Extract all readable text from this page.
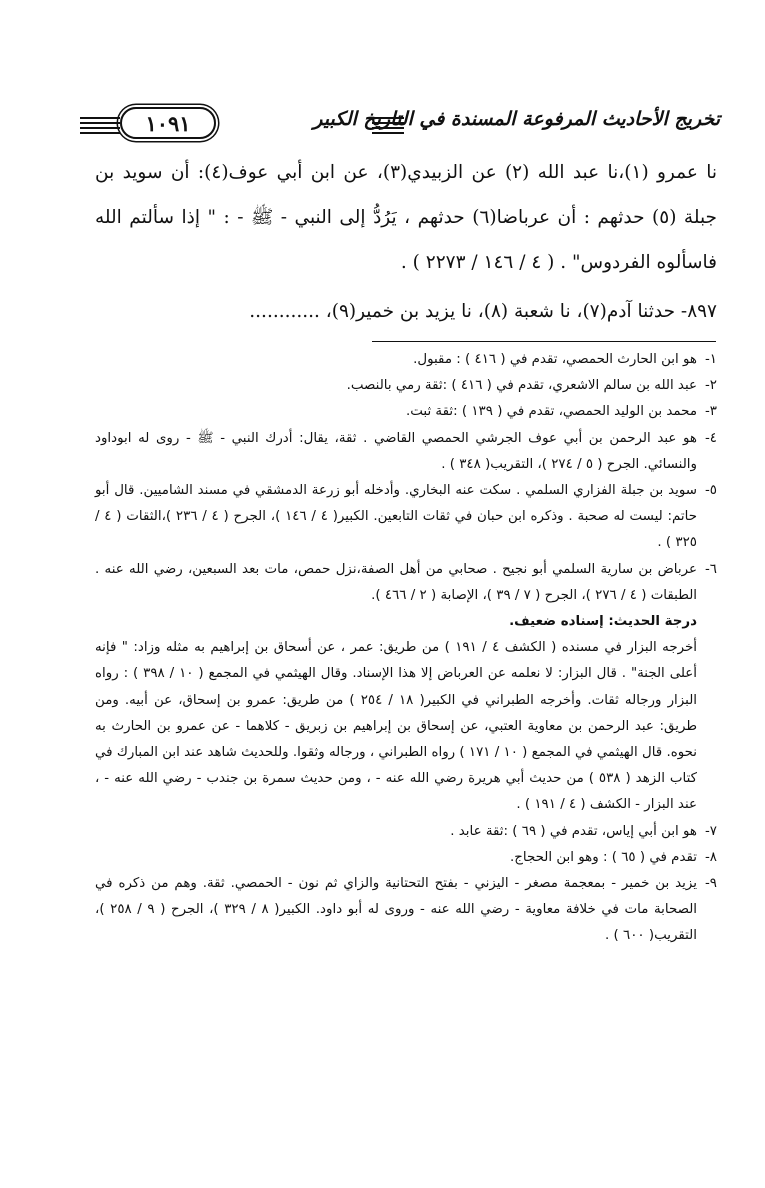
تخريج الأحاديث المرفوعة المسندة في التاريخ الكبير
١٠٩١

نا عمرو (١)،نا عبد الله (٢) عن الزبيدي(٣)، عن ابن أبي عوف(٤): أن سويد بن جبلة (٥) حدثهم : أن عرباضا(٦) حدثهم ، يَرُدُّ إلى النبي - ﷺ - : " إذا سألتم الله فاسألوه الفردوس" . ( ٤ / ١٤٦ / ٢٢٧٣ ) .

٨٩٧- حدثنا آدم(٧)، نا شعبة (٨)، نا يزيد بن خمير(٩)، ............

١-
هو ابن الحارث الحمصي، تقدم في ( ٤١٦ ) : مقبول.
٢-
عبد الله بن سالم الاشعري، تقدم في ( ٤١٦ ) :ثقة رمي بالنصب.
٣-
محمد بن الوليد الحمصي، تقدم في ( ١٣٩ ) :ثقة ثبت.
٤-
هو عبد الرحمن بن أبي عوف الجرشي الحمصي القاضي . ثقة، يقال: أدرك النبي - ﷺ - روى له ابوداود والنسائي. الجرح ( ٥ / ٢٧٤ )، التقريب( ٣٤٨ ) .
٥-
سويد بن جبلة الفزاري السلمي . سكت عنه البخاري. وأدخله أبو زرعة الدمشقي في مسند الشاميين. قال أبو حاتم: ليست له صحبة . وذكره ابن حبان في ثقات التابعين. الكبير( ٤ / ١٤٦ )، الجرح ( ٤ / ٢٣٦ )،الثقات ( ٤ / ٣٢٥ ) .
٦-
عرباض بن سارية السلمي أبو نجيح . صحابي من أهل الصفة،نزل حمص، مات بعد السبعين، رضي الله عنه . الطبقات ( ٤ / ٢٧٦ )، الجرح ( ٧ / ٣٩ )، الإصابة ( ٢ / ٤٦٦ ).

درجة الحديث: إسناده ضعيف.

أخرجه البزار في مسنده ( الكشف ٤ / ١٩١ ) من طريق: عمر ، عن أسحاق بن إبراهيم به مثله وزاد: " فإنه أعلى الجنة" . قال البزار: لا نعلمه عن العرباض إلا هذا الإسناد. وقال الهيثمي في المجمع ( ١٠ / ٣٩٨ ) : رواه البزار ورجاله ثقات. وأخرجه الطبراني في الكبير( ١٨ / ٢٥٤ ) من طريق: عمرو بن إسحاق، عن أبيه. ومن طريق: عبد الرحمن بن معاوية العتبي، عن إسحاق بن إبراهيم بن زبريق - كلاهما - عن عمرو بن الحارث به نحوه. قال الهيثمي في المجمع ( ١٠ / ١٧١ ) رواه الطبراني ، ورجاله وثقوا. وللحديث شاهد عند ابن المبارك في كتاب الزهد ( ٥٣٨ ) من حديث أبي هريرة رضي الله عنه - ، ومن حديث سمرة بن جندب - رضي الله عنه - ، عند البزار - الكشف ( ٤ / ١٩١ ) .

٧-
هو ابن أبي إياس، تقدم في ( ٦٩ ) :ثقة عابد .
٨-
تقدم في ( ٦٥ ) : وهو ابن الحجاج.
٩-
يزيد بن خمير - بمعجمة مصغر - اليزني - بفتح التحتانية والزاي ثم نون - الحمصي. ثقة. وهم من ذكره في الصحابة مات في خلافة معاوية - رضي الله عنه - وروى له أبو داود. الكبير( ٨ / ٣٢٩ )، الجرح ( ٩ / ٢٥٨ )، التقريب( ٦٠٠ ) .
